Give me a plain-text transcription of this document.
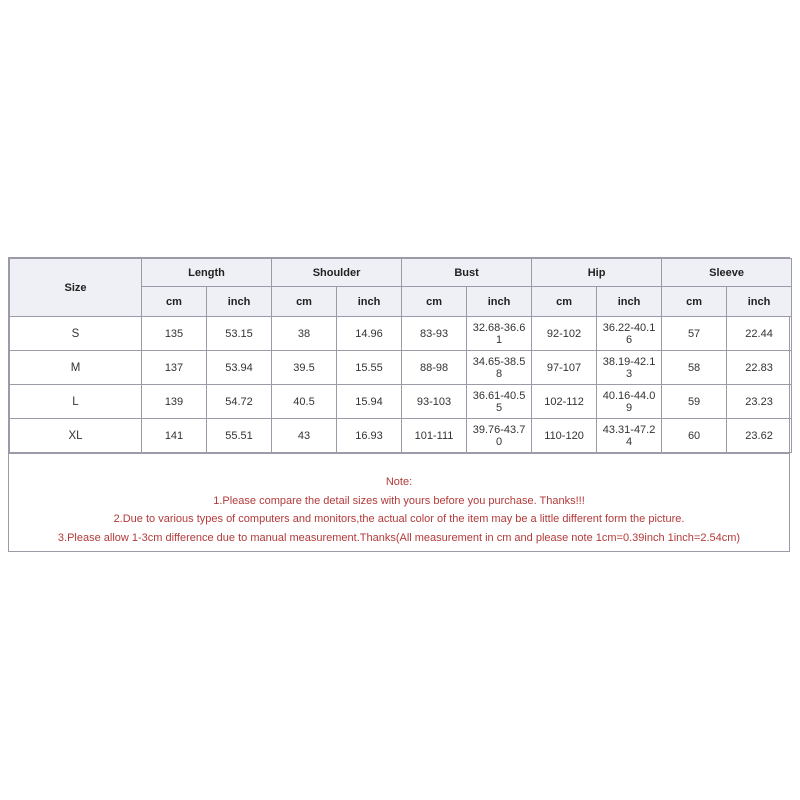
Size	Length		Shoulder		Bust		Hip		Sleeve	
	cm	inch	cm	inch	cm	inch	cm	inch	cm	inch
S	135	53.15	38	14.96	83-93	32.68-36.61	92-102	36.22-40.16	57	22.44
M	137	53.94	39.5	15.55	88-98	34.65-38.58	97-107	38.19-42.13	58	22.83
L	139	54.72	40.5	15.94	93-103	36.61-40.55	102-112	40.16-44.09	59	23.23
XL	141	55.51	43	16.93	101-111	39.76-43.70	110-120	43.31-47.24	60	23.62
Note:
1.Please compare the detail sizes with yours before you purchase. Thanks!!!
2.Due to various types of computers and monitors,the actual color of the item may be a little different form the picture.
3.Please allow 1-3cm difference due to manual measurement.Thanks(All measurement in cm and please note 1cm=0.39inch 1inch=2.54cm)
